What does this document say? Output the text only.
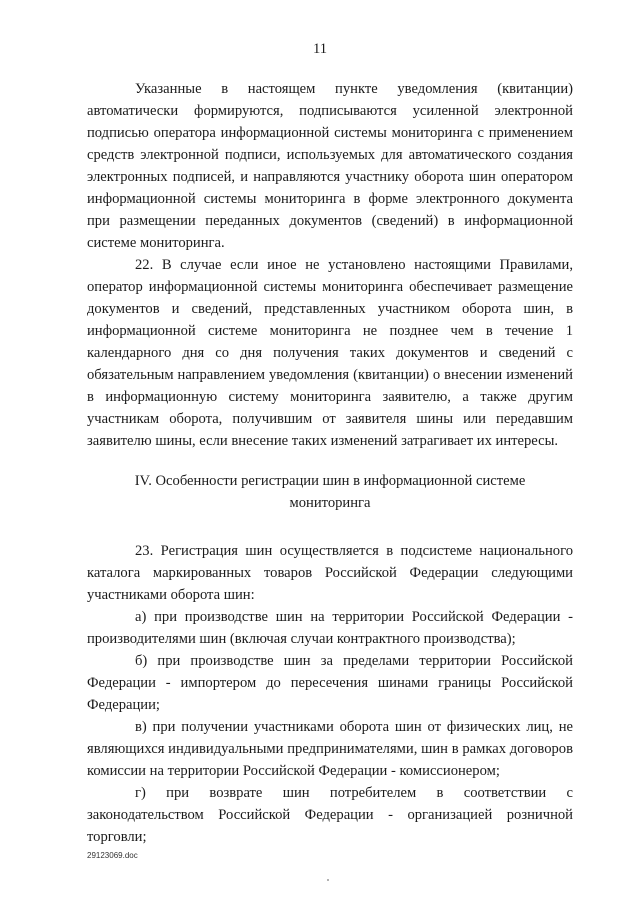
11

Указанные в настоящем пункте уведомления (квитанции) автоматически формируются, подписываются усиленной электронной подписью оператора информационной системы мониторинга с применением средств электронной подписи, используемых для автоматического создания электронных подписей, и направляются участнику оборота шин оператором информационной системы мониторинга в форме электронного документа при размещении переданных документов (сведений) в информационной системе мониторинга.

22. В случае если иное не установлено настоящими Правилами, оператор информационной системы мониторинга обеспечивает размещение документов и сведений, представленных участником оборота шин, в информационной системе мониторинга не позднее чем в течение 1 календарного дня со дня получения таких документов и сведений с обязательным направлением уведомления (квитанции) о внесении изменений в информационную систему мониторинга заявителю, а также другим участникам оборота, получившим от заявителя шины или передавшим заявителю шины, если внесение таких изменений затрагивает их интересы.

IV. Особенности регистрации шин в информационной системе мониторинга

23. Регистрация шин осуществляется в подсистеме национального каталога маркированных товаров Российской Федерации следующими участниками оборота шин:

а) при производстве шин на территории Российской Федерации - производителями шин (включая случаи контрактного производства);

б) при производстве шин за пределами территории Российской Федерации - импортером до пересечения шинами границы Российской Федерации;

в) при получении участниками оборота шин от физических лиц, не являющихся индивидуальными предпринимателями, шин в рамках договоров комиссии на территории Российской Федерации - комиссионером;

г) при возврате шин потребителем в соответствии с законодательством Российской Федерации - организацией розничной торговли;

29123069.doc
